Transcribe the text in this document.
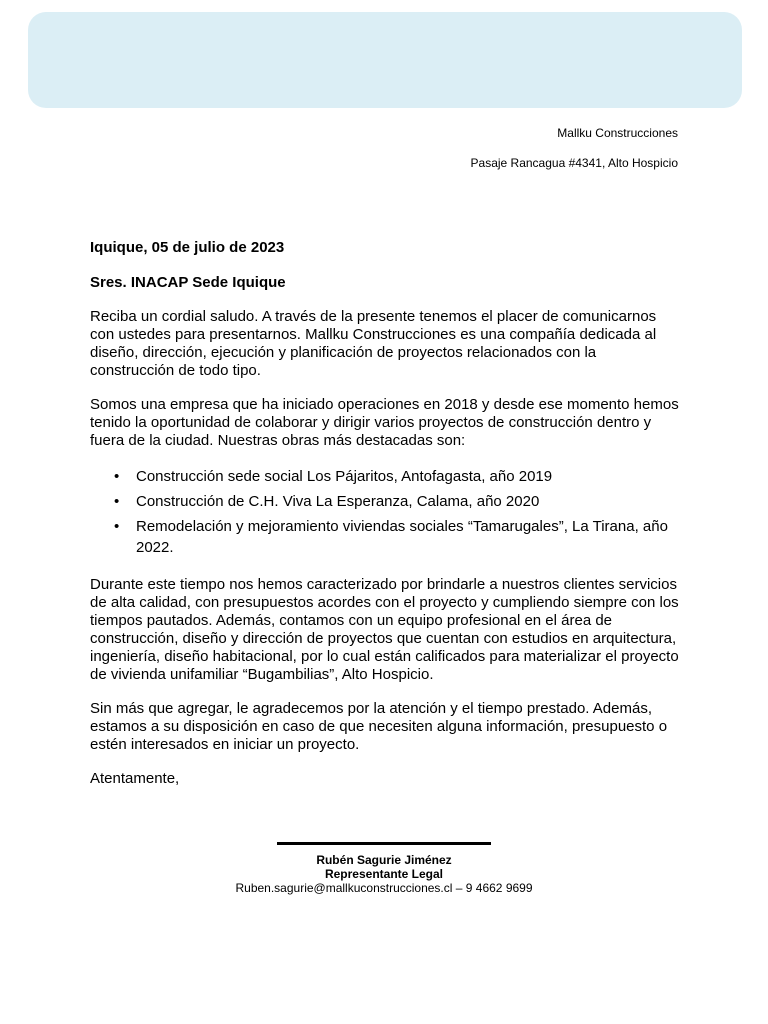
Mallku Construcciones
Pasaje Rancagua #4341, Alto Hospicio

Iquique, 05 de julio de 2023

Sres. INACAP Sede Iquique

Reciba un cordial saludo. A través de la presente tenemos el placer de comunicarnos con ustedes para presentarnos. Mallku Construcciones es una compañía dedicada al diseño, dirección, ejecución y planificación de proyectos relacionados con la construcción de todo tipo.

Somos una empresa que ha iniciado operaciones en 2018 y desde ese momento hemos tenido la oportunidad de colaborar y dirigir varios proyectos de construcción dentro y fuera de la ciudad. Nuestras obras más destacadas son:

• Construcción sede social Los Pájaritos, Antofagasta, año 2019
• Construcción de C.H. Viva La Esperanza, Calama, año 2020
• Remodelación y mejoramiento viviendas sociales “Tamarugales”, La Tirana, año 2022.

Durante este tiempo nos hemos caracterizado por brindarle a nuestros clientes servicios de alta calidad, con presupuestos acordes con el proyecto y cumpliendo siempre con los tiempos pautados. Además, contamos con un equipo profesional en el área de construcción, diseño y dirección de proyectos que cuentan con estudios en arquitectura, ingeniería, diseño habitacional, por lo cual están calificados para materializar el proyecto de vivienda unifamiliar “Bugambilias”, Alto Hospicio.

Sin más que agregar, le agradecemos por la atención y el tiempo prestado. Además, estamos a su disposición en caso de que necesiten alguna información, presupuesto o estén interesados en iniciar un proyecto.

Atentamente,

Rubén Sagurie Jiménez
Representante Legal
Ruben.sagurie@mallkuconstrucciones.cl – 9 4662 9699
